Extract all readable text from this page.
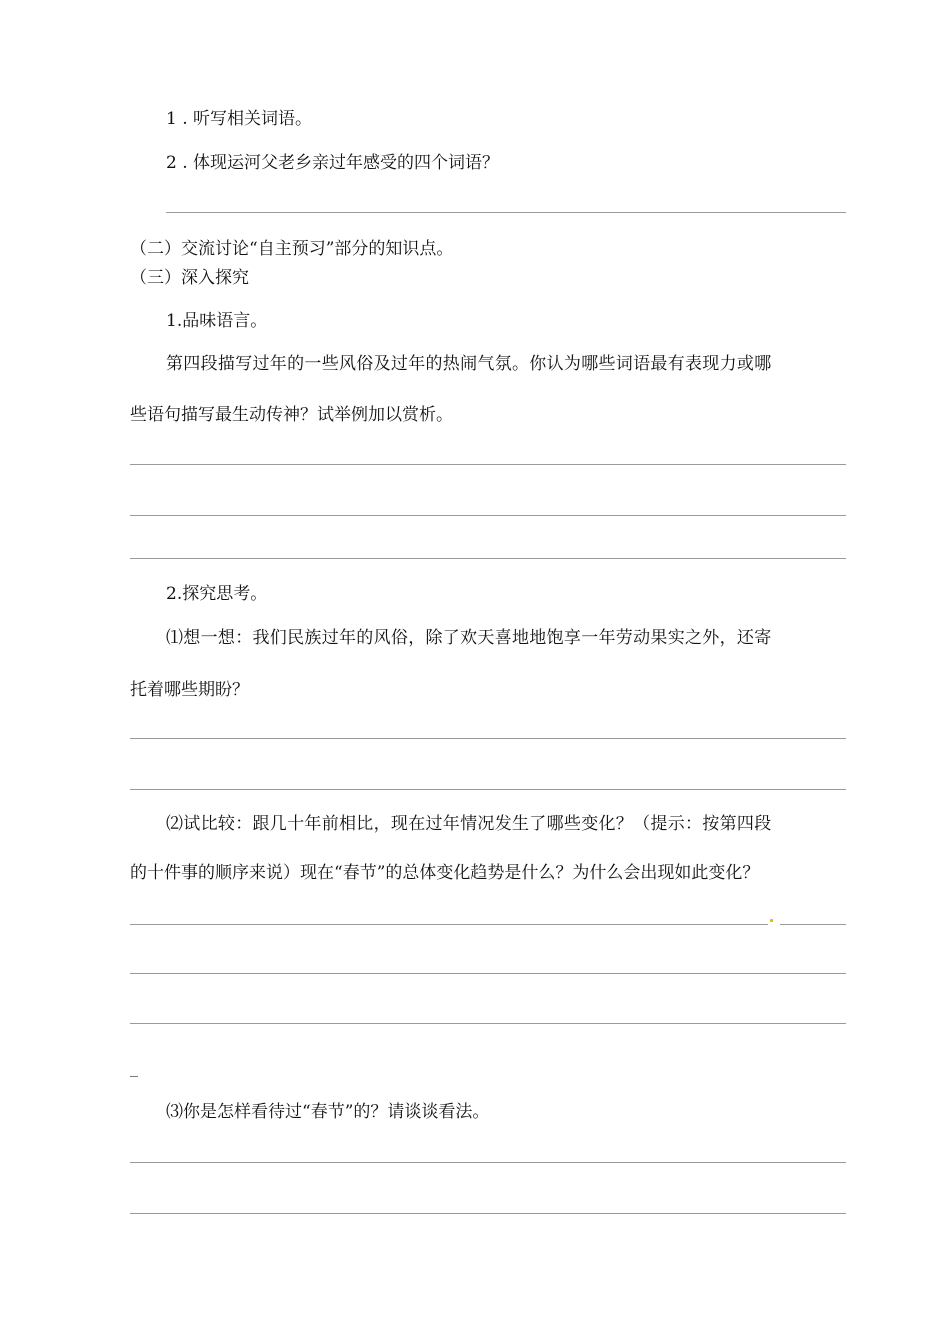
1 . 听写相关词语。
2 . 体现运河父老乡亲过年感受的四个词语？
（二）交流讨论“自主预习”部分的知识点。
（三）深入探究
1.品味语言。
第四段描写过年的一些风俗及过年的热闹气氛。你认为哪些词语最有表现力或哪
些语句描写最生动传神？试举例加以赏析。
2.探究思考。
⑴想一想：我们民族过年的风俗，除了欢天喜地地饱享一年劳动果实之外，还寄
托着哪些期盼？
⑵试比较：跟几十年前相比，现在过年情况发生了哪些变化？（提示：按第四段
的十件事的顺序来说）现在“春节”的总体变化趋势是什么？为什么会出现如此变化？
⑶你是怎样看待过“春节”的？请谈谈看法。
